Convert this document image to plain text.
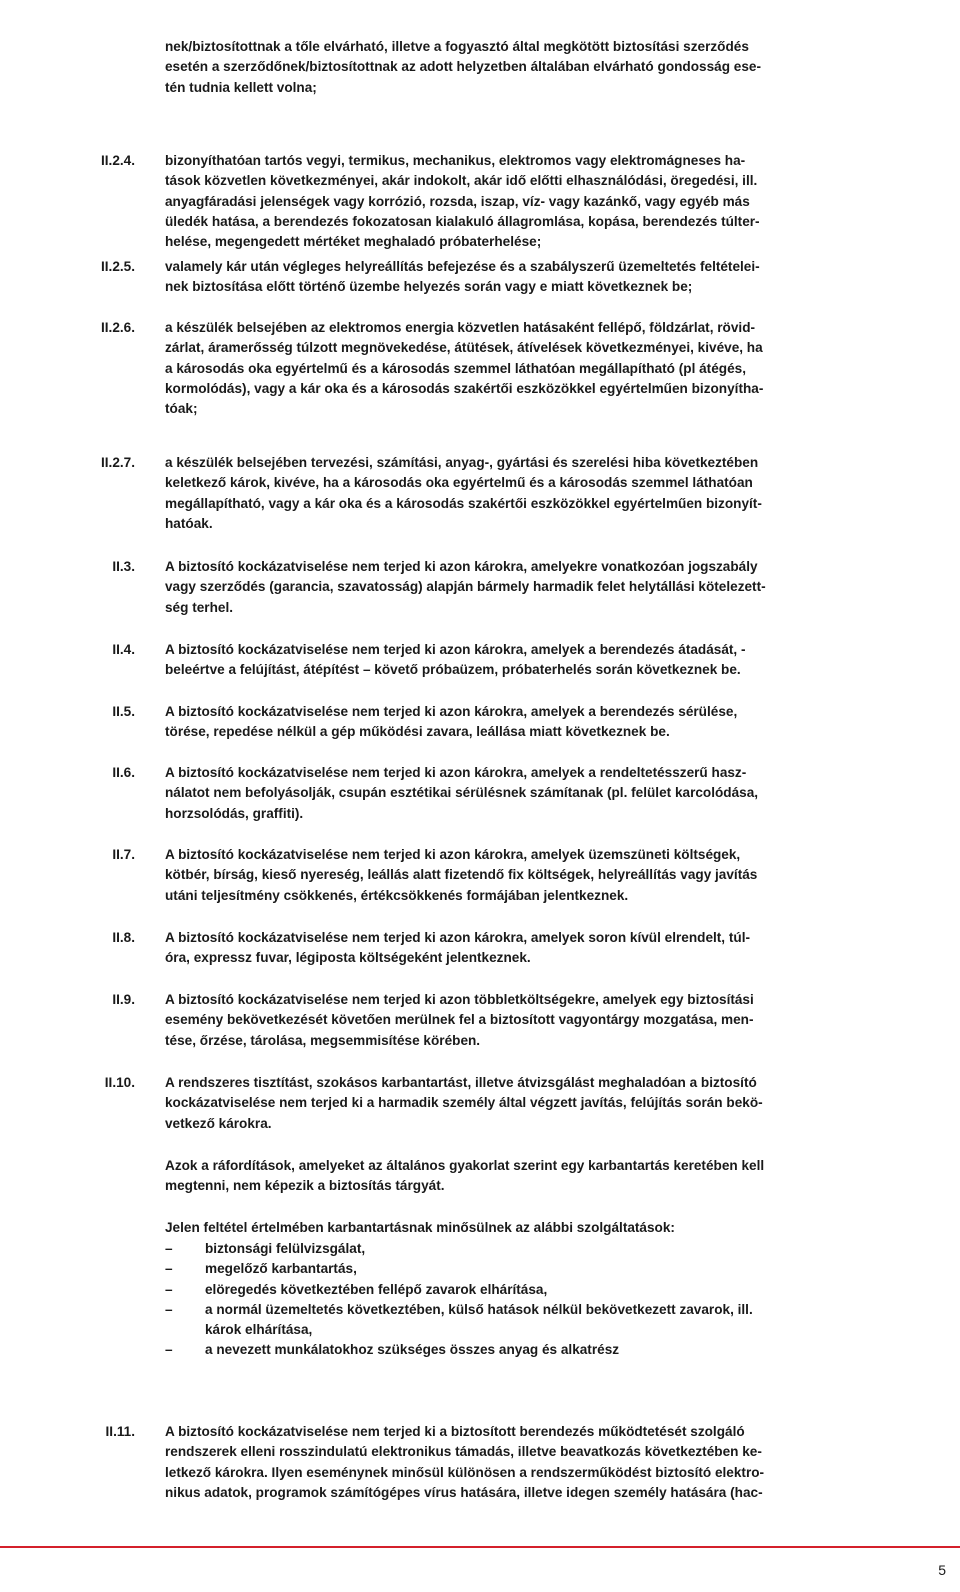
nek/biztosítottnak a tőle elvárható, illetve a fogyasztó által megkötött biztosítási szerződés
esetén a szerződőnek/biztosítottnak az adott helyzetben általában elvárható gondosság ese-
tén tudnia kellett volna;
II.2.4. bizonyíthatóan tartós vegyi, termikus, mechanikus, elektromos vagy elektromágneses ha-
tások közvetlen következményei, akár indokolt, akár idő előtti elhasználódási, öregedési, ill.
anyagfáradási jelenségek vagy korrózió, rozsda, iszap, víz- vagy kazánkő, vagy egyéb más
üledék hatása, a berendezés fokozatosan kialakuló állagromlása, kopása, berendezés túlter-
helése, megengedett mértéket meghaladó próbaterhelése;
II.2.5. valamely kár után végleges helyreállítás befejezése és a szabályszerű üzemeltetés feltételei-
nek biztosítása előtt történő üzembe helyezés során vagy e miatt következnek be;
II.2.6. a készülék belsejében az elektromos energia közvetlen hatásaként fellépő, földzárlat, rövid-
zárlat, áramerősség túlzott megnövekedése, átütések, átívelések következményei, kivéve, ha
a károsodás oka egyértelmű és a károsodás szemmel láthatóan megállapítható (pl átégés,
kormolódás), vagy a kár oka és a károsodás szakértői eszközökkel egyértelműen bizonyítha-
tóak;
II.2.7. a készülék belsejében tervezési, számítási, anyag-, gyártási és szerelési hiba következtében
keletkező károk, kivéve, ha a károsodás oka egyértelmű és a károsodás szemmel láthatóan
megállapítható, vagy a kár oka és a károsodás szakértői eszközökkel egyértelműen bizonyít-
hatóak.
II.3. A biztosító kockázatviselése nem terjed ki azon károkra, amelyekre vonatkozóan jogszabály
vagy szerződés (garancia, szavatosság) alapján bármely harmadik felet helytállási kötelezett-
ség terhel.
II.4. A biztosító kockázatviselése nem terjed ki azon károkra, amelyek a berendezés átadását, -
beleértve a felújítást, átépítést – követő próbaüzem, próbaterhelés során következnek be.
II.5. A biztosító kockázatviselése nem terjed ki azon károkra, amelyek a berendezés sérülése,
törése, repedése nélkül a gép működési zavara, leállása miatt következnek be.
II.6. A biztosító kockázatviselése nem terjed ki azon károkra, amelyek a rendeltetésszerű hasz-
nálatot nem befolyásolják, csupán esztétikai sérülésnek számítanak (pl. felület karcolódása,
horzsolódás, graffiti).
II.7. A biztosító kockázatviselése nem terjed ki azon károkra, amelyek üzemszüneti költségek,
kötbér, bírság, kieső nyereség, leállás alatt fizetendő fix költségek, helyreállítás vagy javítás
utáni teljesítmény csökkenés, értékcsökkenés formájában jelentkeznek.
II.8. A biztosító kockázatviselése nem terjed ki azon károkra, amelyek soron kívül elrendelt, túl-
óra, expressz fuvar, légiposta költségeként jelentkeznek.
II.9. A biztosító kockázatviselése nem terjed ki azon többletköltségekre, amelyek egy biztosítási
esemény bekövetkezését követően merülnek fel a biztosított vagyontárgy mozgatása, men-
tése, őrzése, tárolása, megsemmisítése körében.
II.10. A rendszeres tisztítást, szokásos karbantartást, illetve átvizsgálást meghaladóan a biztosító
kockázatviselése nem terjed ki a harmadik személy által végzett javítás, felújítás során bekö-
vetkező károkra.
Azok a ráfordítások, amelyeket az általános gyakorlat szerint egy karbantartás keretében kell
megtenni, nem képezik a biztosítás tárgyát.
Jelen feltétel értelmében karbantartásnak minősülnek az alábbi szolgáltatások:
– biztonsági felülvizsgálat,
– megelőző karbantartás,
– elöregedés következtében fellépő zavarok elhárítása,
– a normál üzemeltetés következtében, külső hatások nélkül bekövetkezett zavarok, ill.
károk elhárítása,
– a nevezett munkálatokhoz szükséges összes anyag és alkatrész
II.11. A biztosító kockázatviselése nem terjed ki a biztosított berendezés működtetését szolgáló
rendszerek elleni rosszindulatú elektronikus támadás, illetve beavatkozás következtében ke-
letkező károkra. Ilyen eseménynek minősül különösen a rendszerműködést biztosító elektro-
nikus adatok, programok számítógépes vírus hatására, illetve idegen személy hatására (hac-
5
